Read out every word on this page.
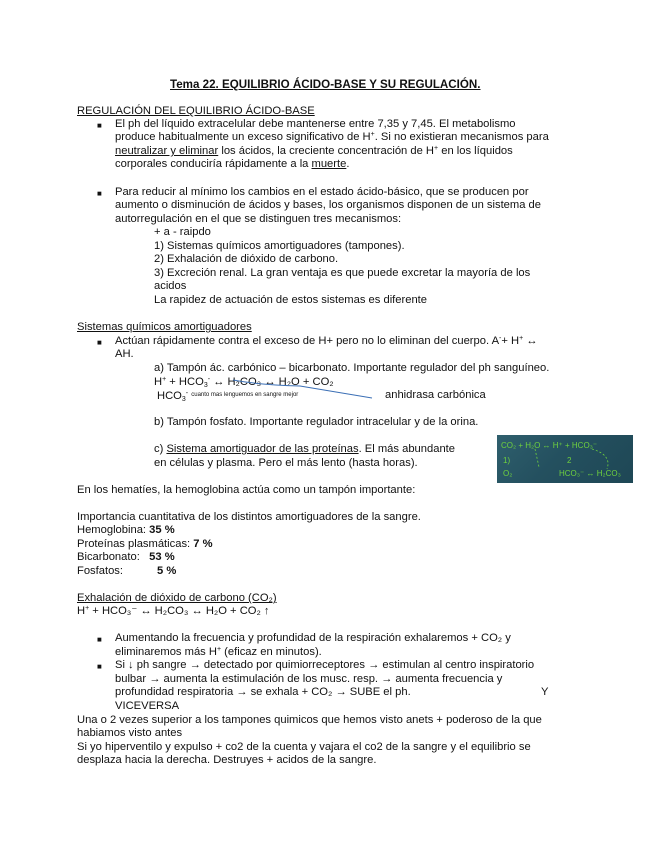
Tema 22. EQUILIBRIO ÁCIDO-BASE Y SU REGULACIÓN.
REGULACIÓN DEL EQUILIBRIO ÁCIDO-BASE
■ El ph del líquido extracelular debe mantenerse entre 7,35 y 7,45. El metabolismo
produce habitualmente un exceso significativo de H+. Si no existieran mecanismos para
neutralizar y eliminar los ácidos, la creciente concentración de H+ en los líquidos
corporales conduciría rápidamente a la muerte.
■ Para reducir al mínimo los cambios en el estado ácido-básico, que se producen por
aumento o disminución de ácidos y bases, los organismos disponen de un sistema de
autorregulación en el que se distinguen tres mecanismos:
+ a - raipdo
1) Sistemas químicos amortiguadores (tampones).
2) Exhalación de dióxido de carbono.
3) Excreción renal. La gran ventaja es que puede excretar la mayoría de los
acidos
La rapidez de actuación de estos sistemas es diferente
Sistemas químicos amortiguadores
■ Actúan rápidamente contra el exceso de H+ pero no lo eliminan del cuerpo. A-+ H+ ↔
AH.
a) Tampón ác. carbónico – bicarbonato. Importante regulador del ph sanguíneo.
$H^+ + HCO_3^-$ ↔ H₂CO₃ ↔ H₂O + CO₂
$HCO_3^-$ $^{cuanto mas lenguemos en sangre mejor}$	anhidrasa carbónica
b) Tampón fosfato. Importante regulador intracelular y de la orina.
c) Sistema amortiguador de las proteínas. El más abundante
en células y plasma. Pero el más lento (hasta horas).
CO₂ + H₂O ↔ H⁺ + HCO₃⁻
1)	2
O₂	HCO₃⁻ ↔ H₂CO₃
En los hematíes, la hemoglobina actúa como un tampón importante:
Importancia cuantitativa de los distintos amortiguadores de la sangre.
Hemoglobina: 35 %
Proteínas plasmáticas: 7 %
Bicarbonato: 53 %
Fosfatos:	5 %
Exhalación de dióxido de carbono (CO₂)
H+ + HCO₃⁻ ↔ H₂CO₃ ↔ H₂O + CO₂ ↑
■ Aumentando la frecuencia y profundidad de la respiración exhalaremos + CO₂ y
eliminaremos más H+ (eficaz en minutos).
■ Si ↓ ph sangre → detectado por quimiorreceptores → estimulan al centro inspiratorio
bulbar → aumenta la estimulación de los musc. resp. → aumenta frecuencia y
profundidad respiratoria → se exhala + CO₂ → SUBE el ph.	Y
VICEVERSA
Una o 2 vezes superior a los tampones quimicos que hemos visto anets + poderoso de la que
habiamos visto antes
Si yo hiperventilo y expulso + co2 de la cuenta y vajara el co2 de la sangre y el equilibrio se
desplaza hacia la derecha. Destruyes + acidos de la sangre.
